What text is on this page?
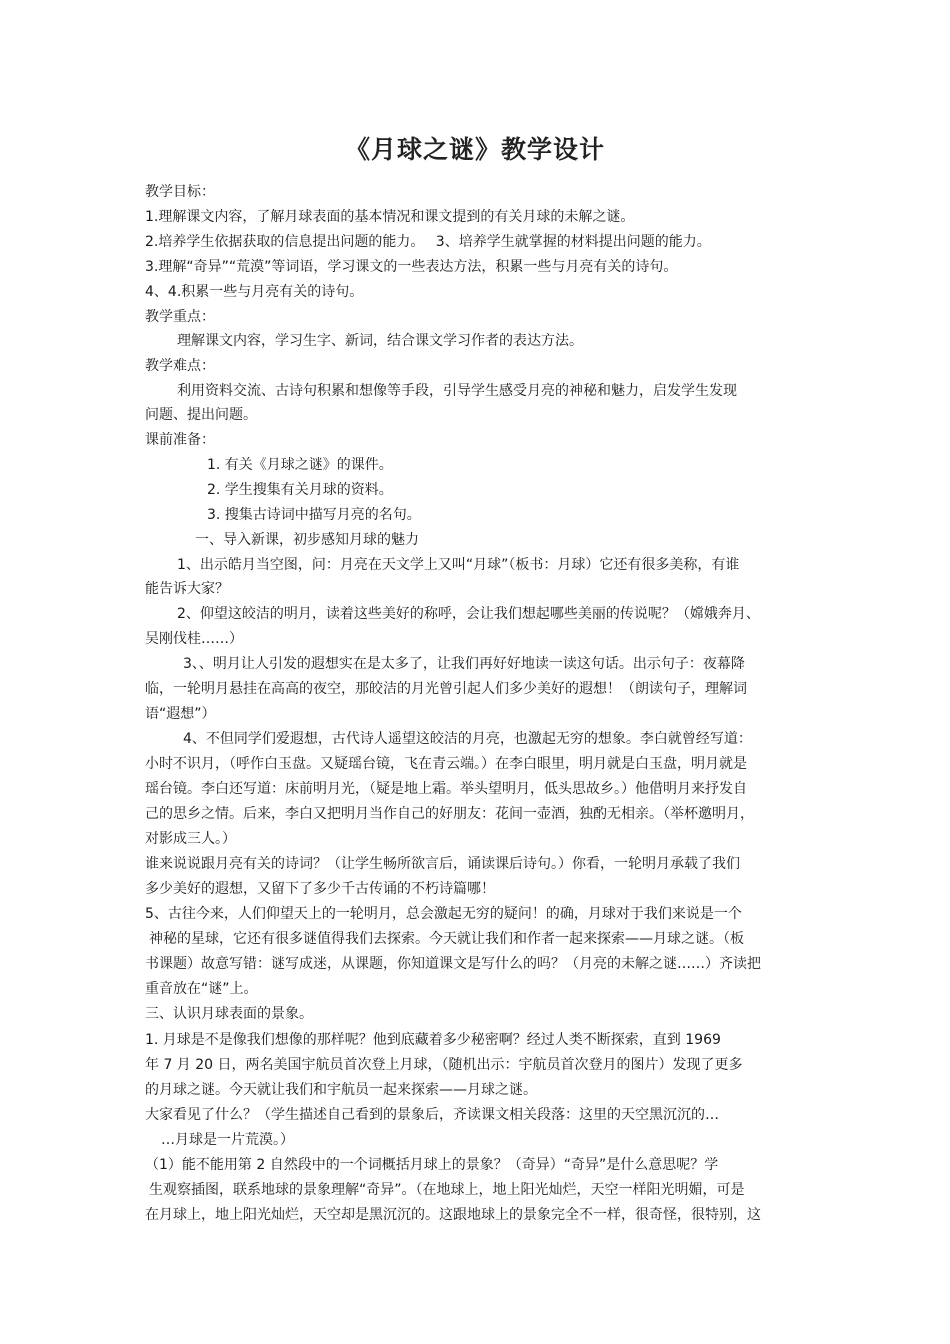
《月球之谜》教学设计
教学目标：
1.理解课文内容，了解月球表面的基本情况和课文提到的有关月球的未解之谜。
2.培养学生依据获取的信息提出问题的能力。　 3、培养学生就掌握的材料提出问题的能力。
3.理解“奇异”“荒漠”等词语，学习课文的一些表达方法，积累一些与月亮有关的诗句。
4、4.积累一些与月亮有关的诗句。
教学重点：
理解课文内容，学习生字、新词，结合课文学习作者的表达方法。
教学难点：
利用资料交流、古诗句积累和想像等手段，引导学生感受月亮的神秘和魅力，启发学生发现
问题、提出问题。
课前准备：
1. 有关《月球之谜》的课件。
2. 学生搜集有关月球的资料。
3. 搜集古诗词中描写月亮的名句。
一、导入新课，初步感知月球的魅力
1、出示皓月当空图，问：月亮在天文学上又叫“月球”（板书：月球）它还有很多美称，有谁
能告诉大家？
2、仰望这皎洁的明月，读着这些美好的称呼，会让我们想起哪些美丽的传说呢？（嫦娥奔月、
吴刚伐桂……）
3、、明月让人引发的遐想实在是太多了，让我们再好好地读一读这句话。出示句子：夜幕降
临，一轮明月悬挂在高高的夜空，那皎洁的月光曾引起人们多少美好的遐想！（朗读句子，理解词
语“遐想”）
4、不但同学们爱遐想，古代诗人遥望这皎洁的月亮，也激起无穷的想象。李白就曾经写道：
小时不识月，（呼作白玉盘。又疑瑶台镜，飞在青云端。）在李白眼里，明月就是白玉盘，明月就是
瑶台镜。李白还写道：床前明月光，（疑是地上霜。举头望明月，低头思故乡。）他借明月来抒发自
己的思乡之情。后来，李白又把明月当作自己的好朋友：花间一壶酒，独酌无相亲。（举杯邀明月，
对影成三人。）
谁来说说跟月亮有关的诗词？（让学生畅所欲言后，诵读课后诗句。）你看，一轮明月承载了我们
多少美好的遐想，又留下了多少千古传诵的不朽诗篇哪！
5、古往今来，人们仰望天上的一轮明月，总会激起无穷的疑问！的确，月球对于我们来说是一个
神秘的星球，它还有很多谜值得我们去探索。今天就让我们和作者一起来探索——月球之谜。（板
书课题）故意写错：谜写成迷，从课题，你知道课文是写什么的吗？（月亮的未解之谜……）齐读把
重音放在“谜”上。
三、认识月球表面的景象。
1. 月球是不是像我们想像的那样呢？他到底藏着多少秘密啊？经过人类不断探索，直到 1969
年 7 月 20 日，两名美国宇航员首次登上月球，（随机出示：宇航员首次登月的图片）发现了更多
的月球之谜。今天就让我们和宇航员一起来探索——月球之谜。
大家看见了什么？（学生描述自己看到的景象后，齐读课文相关段落：这里的天空黑沉沉的…
…月球是一片荒漠。）
（1）能不能用第 2 自然段中的一个词概括月球上的景象？（奇异）“奇异”是什么意思呢？学
生观察插图，联系地球的景象理解“奇异”。（在地球上，地上阳光灿烂，天空一样阳光明媚，可是
在月球上，地上阳光灿烂，天空却是黑沉沉的。这跟地球上的景象完全不一样，很奇怪，很特别，这
